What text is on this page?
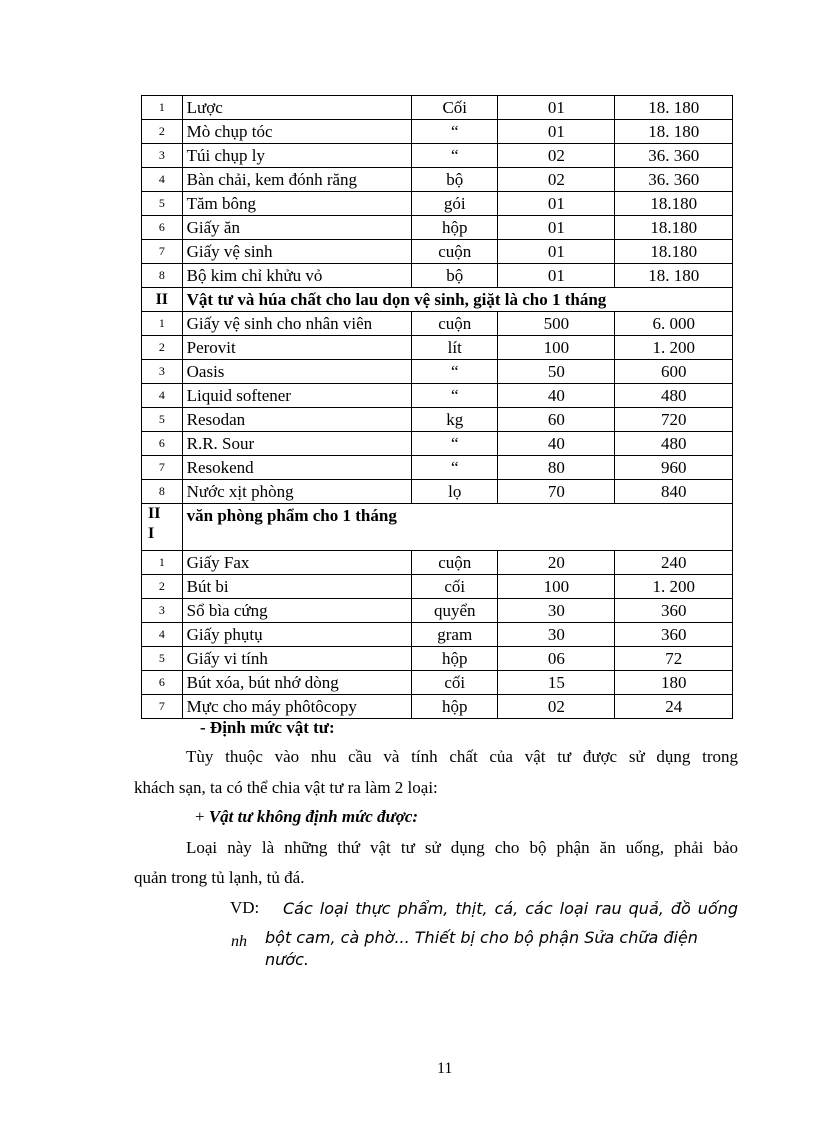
1	Lược	Cối	01	18. 180
2	Mò chụp tóc	“	01	18. 180
3	Túi chụp ly	“	02	36. 360
4	Bàn chải, kem đónh răng	bộ	02	36. 360
5	Tăm bông	gói	01	18.180
6	Giấy ăn	hộp	01	18.180
7	Giấy vệ sinh	cuộn	01	18.180
8	Bộ kim chỉ khửu vỏ	bộ	01	18. 180
II	Vật tư và húa chất cho lau dọn vệ sinh, giặt là cho 1 tháng			
1	Giấy vệ sinh cho nhân viên	cuộn	500	6. 000
2	Perovit	lít	100	1. 200
3	Oasis	“	50	600
4	Liquid softener	“	40	480
5	Resodan	kg	60	720
6	R.R. Sour	“	40	480
7	Resokend	“	80	960
8	Nước xịt phòng	lọ	70	840
III	văn phòng phẩm cho 1 tháng			
1	Giấy Fax	cuộn	20	240
2	Bút bi	cối	100	1. 200
3	Sổ bìa cứng	quyển	30	360
4	Giấy phụtụ	gram	30	360
5	Giấy vi tính	hộp	06	72
6	Bút xóa, bút nhớ dòng	cối	15	180
7	Mực cho máy phôtôcopy	hộp	02	24
- Định mức vật tư:
Tùy thuộc vào nhu cầu và tính chất của vật tư được sử dụng trong
khách sạn, ta có thể chia vật tư ra làm 2 loại:
+ Vật tư không định mức được:
Loại này là những thứ vật tư sử dụng cho bộ phận ăn uống, phải bảo
quản trong tủ lạnh, tủ đá.
VD: Các loại thực phẩm, thịt, cá, các loại rau quả, đồ uống
nh bột cam, cà phờ... Thiết bị cho bộ phận Sửa chữa điện nước.
11
